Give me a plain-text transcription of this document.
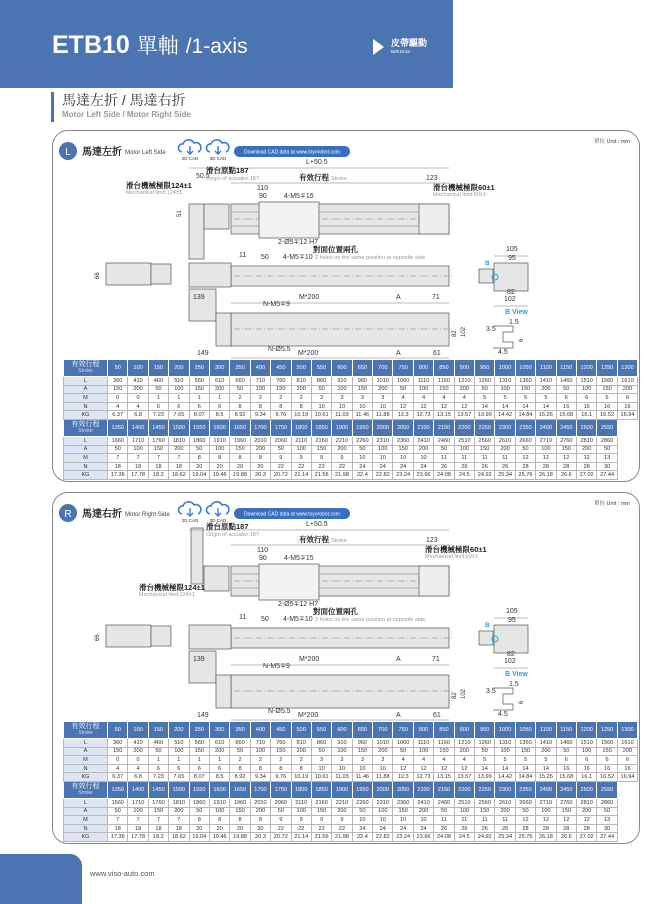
ETB10 單軸 /1-axis	皮帶驅動
Belt Drive
馬達左折 / 馬達右折
Motor Left Side / Motor Right Side
L 馬達左折 Motor Left Side
2D CAD	3D CAD
Download CAD data at www.toyorobot.com
單位 Unit : mm
L+50.5
50.5
滑台原點187
Origin of actuator:187	有效行程 Stroke	123
滑台機械極限124±1
Mechanical limit:124±1
滑台機械極限60±1
Mechanical limit:60±1
110
90 4-M5∓15
51
2-Ø5∓12 H7
對面位置兩孔
4-M5∓10 2 holes on the same position at opposite side.
11 50
66
105
95
B
82
102
139	M*200	A	71
N-M5∓9
82 102
N-Ø5.5
149	M*200	A	61
B View
1.5
3.5
6
4.5
有效行程
Stroke	50	100	150	200	250	300	350	400	450	500	550	600	650	700	750	800	850	900	950	1000	1050	1100	1150	1200	1250	1300
L	360	410	460	510	560	610	660	710	760	810	860	910	960	1010	1060	1110	1160	1210	1260	1310	1360	1410	1460	1510	1560	1610
A	150	200	50	100	150	200	50	100	150	200	50	100	150	200	50	100	150	200	50	100	150	200	50	100	150	200
M	0	0	1	1	1	1	2	2	2	2	3	3	3	3	4	4	4	4	5	5	5	5	6	6	6	6
N	4	4	6	6	6	6	8	8	8	8	10	10	10	10	12	12	12	12	14	14	14	14	16	16	16	16
KG	6.37	6.8	7.23	7.65	8.07	8.5	8.92	9.34	9.76	10.19	10.61	11.03	11.46	11.88	12.3	12.73	13.15	13.57	13.99	14.42	14.84	15.26	15.68	16.1	16.52	16.94

有效行程
Stroke	1350	1400	1450	1500	1550	1600	1650	1700	1750	1800	1850	1900	1950	2000	2050	2100	2150	2200	2250	2300	2350	2400	2450	2500	2550	
L	1660	1710	1760	1810	1860	1910	1960	2010	2060	2110	2160	2210	2260	2310	2360	2410	2460	2510	2560	2610	2660	2710	2760	2810	2860	
A	50	100	150	200	50	100	150	200	50	100	150	200	50	100	150	200	50	100	150	200	50	100	150	200	50	
M	7	7	7	7	8	8	8	8	9	9	9	9	10	10	10	10	11	11	11	11	12	12	12	12	13	
N	18	18	18	18	20	20	20	20	22	22	22	22	24	24	24	24	26	26	26	26	28	28	28	28	30	
KG	17.36	17.78	18.2	18.62	19.04	19.46	19.88	20.3	20.72	21.14	21.56	21.98	22.4	22.82	23.24	23.66	24.08	24.5	24.92	25.34	25.76	26.18	26.6	27.02	27.44	
R 馬達右折 Motor Right Side
2D CAD	3D CAD
Download CAD data at www.toyorobot.com
單位 Unit : mm
L+50.5
滑台原點187
Origin of actuator:187	有效行程 Stroke	123
滑台機械極限124±1
Mechanical limit:124±1
滑台機械極限60±1
Mechanical limit:60±1
110
90 4-M5∓15
2-Ø5∓12 H7
對面位置兩孔
4-M5∓10 2 holes on the same position at opposite side.
11 50
66
105
95
B
82
102
139	M*200	A	71
N-M5∓9
82 102
N-Ø5.5
149	M*200	A	61
B View
1.5
3.5
6
4.5
有效行程
Stroke	50	100	150	200	250	300	350	400	450	500	550	600	650	700	750	800	850	900	950	1000	1050	1100	1150	1200	1250	1300
L	360	410	460	510	560	610	660	710	760	810	860	910	960	1010	1060	1110	1160	1210	1260	1310	1360	1410	1460	1510	1560	1610
A	150	200	50	100	150	200	50	100	150	200	50	100	150	200	50	100	150	200	50	100	150	200	50	100	150	200
M	0	0	1	1	1	1	2	2	2	2	3	3	3	3	4	4	4	4	5	5	5	5	6	6	6	6
N	4	4	6	6	6	6	8	8	8	8	10	10	10	10	12	12	12	12	14	14	14	14	16	16	16	16
KG	6.37	6.8	7.23	7.65	8.07	8.5	8.92	9.34	9.76	10.19	10.61	11.03	11.46	11.88	12.3	12.73	13.15	13.57	13.99	14.42	14.84	15.26	15.68	16.1	16.52	16.94

有效行程
Stroke	1350	1400	1450	1500	1550	1600	1650	1700	1750	1800	1850	1900	1950	2000	2050	2100	2150	2200	2250	2300	2350	2400	2450	2500	2550	
L	1660	1710	1760	1810	1860	1910	1960	2010	2060	2110	2160	2210	2260	2310	2360	2410	2460	2510	2560	2610	2660	2710	2760	2810	2860	
A	50	100	150	200	50	100	150	200	50	100	150	200	50	100	150	200	50	100	150	200	50	100	150	200	50	
M	7	7	7	7	8	8	8	8	9	9	9	9	10	10	10	10	11	11	11	11	12	12	12	12	13	
N	18	18	18	18	20	20	20	20	22	22	22	22	24	24	24	24	26	26	26	26	28	28	28	28	30	
KG	17.36	17.78	18.2	18.62	19.04	19.46	19.88	20.3	20.72	21.14	21.56	21.98	22.4	22.82	23.24	23.66	24.08	24.5	24.92	25.34	25.76	26.18	26.6	27.02	27.44	
www.viso-auto.com
